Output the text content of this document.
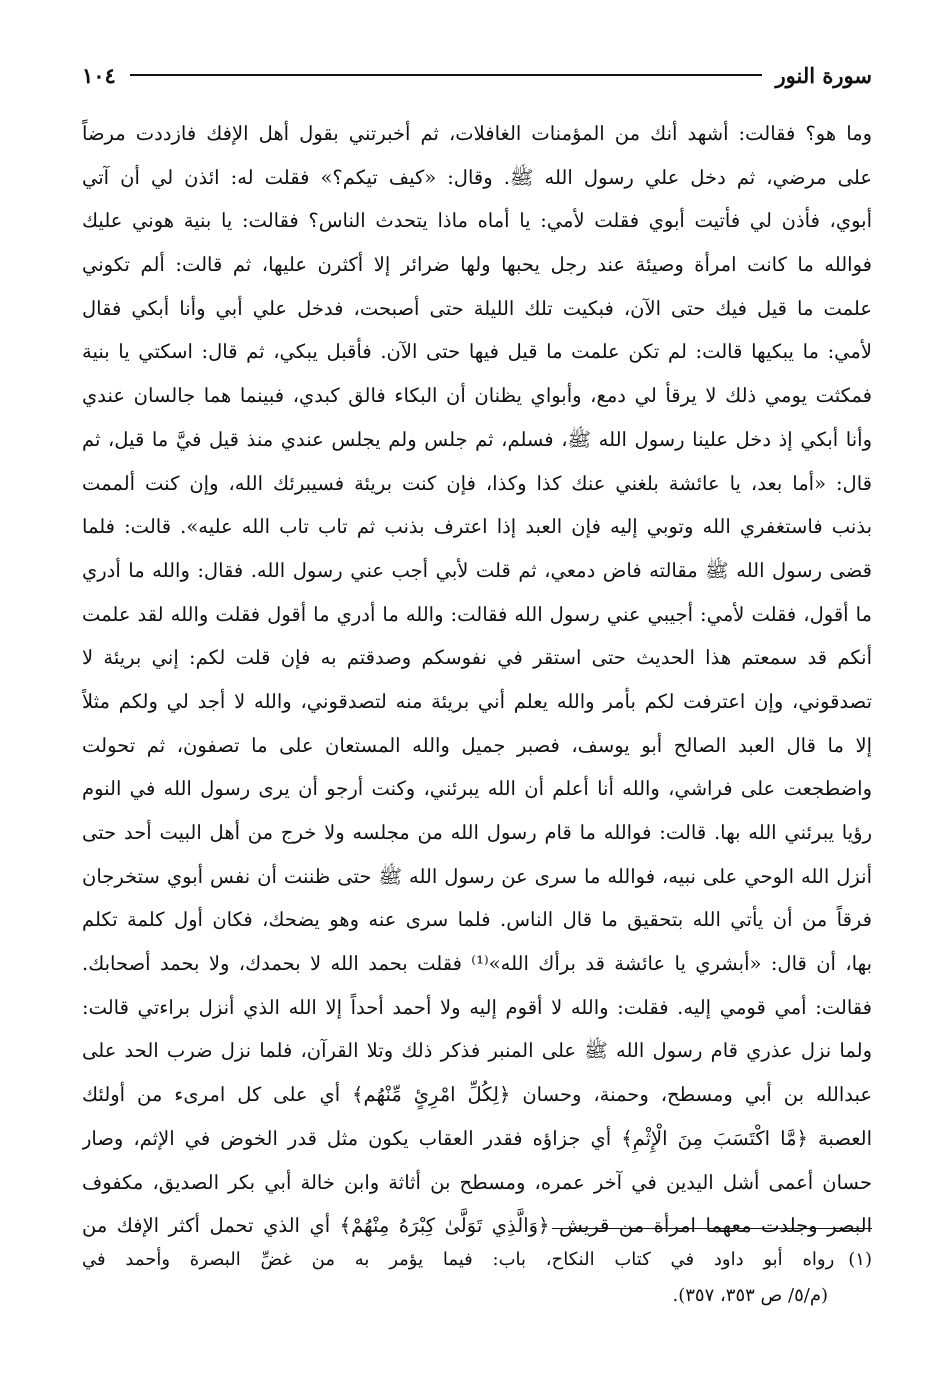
سورة النور
١٠٤
وما هو؟ فقالت: أشهد أنك من المؤمنات الغافلات، ثم أخبرتني بقول أهل الإفك فازددت مرضاً
على مرضي، ثم دخل علي رسول الله ﷺ. وقال: «كيف تيكم؟» فقلت له: ائذن لي أن آتي
أبوي، فأذن لي فأتيت أبوي فقلت لأمي: يا أماه ماذا يتحدث الناس؟ فقالت: يا بنية هوني عليك
فوالله ما كانت امرأة وصيئة عند رجل يحبها ولها ضرائر إلا أكثرن عليها، ثم قالت: ألم تكوني
علمت ما قيل فيك حتى الآن، فبكيت تلك الليلة حتى أصبحت، فدخل علي أبي وأنا أبكي فقال
لأمي: ما يبكيها قالت: لم تكن علمت ما قيل فيها حتى الآن. فأقبل يبكي، ثم قال: اسكتي يا بنية
فمكثت يومي ذلك لا يرقأ لي دمع، وأبواي يظنان أن البكاء فالق كبدي، فبينما هما جالسان عندي
وأنا أبكي إذ دخل علينا رسول الله ﷺ، فسلم، ثم جلس ولم يجلس عندي منذ قيل فيَّ ما قيل، ثم
قال: «أما بعد، يا عائشة بلغني عنك كذا وكذا، فإن كنت بريئة فسيبرئك الله، وإن كنت ألممت
بذنب فاستغفري الله وتوبي إليه فإن العبد إذا اعترف بذنب ثم تاب تاب الله عليه». قالت: فلما
قضى رسول الله ﷺ مقالته فاض دمعي، ثم قلت لأبي أجب عني رسول الله. فقال: والله ما أدري
ما أقول، فقلت لأمي: أجيبي عني رسول الله فقالت: والله ما أدري ما أقول فقلت والله لقد علمت
أنكم قد سمعتم هذا الحديث حتى استقر في نفوسكم وصدقتم به فإن قلت لكم: إني بريئة لا
تصدقوني، وإن اعترفت لكم بأمر والله يعلم أني بريئة منه لتصدقوني، والله لا أجد لي ولكم مثلاً
إلا ما قال العبد الصالح أبو يوسف، فصبر جميل والله المستعان على ما تصفون، ثم تحولت
واضطجعت على فراشي، والله أنا أعلم أن الله يبرئني، وكنت أرجو أن يرى رسول الله في النوم
رؤيا يبرئني الله بها. قالت: فوالله ما قام رسول الله من مجلسه ولا خرج من أهل البيت أحد حتى
أنزل الله الوحي على نبيه، فوالله ما سرى عن رسول الله ﷺ حتى ظننت أن نفس أبوي ستخرجان
فرقاً من أن يأتي الله بتحقيق ما قال الناس. فلما سرى عنه وهو يضحك، فكان أول كلمة تكلم
بها، أن قال: «أبشري يا عائشة قد برأك الله»⁽¹⁾ فقلت بحمد الله لا بحمدك، ولا بحمد أصحابك.
فقالت: أمي قومي إليه. فقلت: والله لا أقوم إليه ولا أحمد أحداً إلا الله الذي أنزل براءتي قالت:
ولما نزل عذري قام رسول الله ﷺ على المنبر فذكر ذلك وتلا القرآن، فلما نزل ضرب الحد على
عبدالله بن أبي ومسطح، وحمنة، وحسان ﴿لِكُلِّ امْرِئٍ مِّنْهُم﴾ أي على كل امرىء من أولئك
العصبة ﴿مَّا اكْتَسَبَ مِنَ الْإِثْمِ﴾ أي جزاؤه فقدر العقاب يكون مثل قدر الخوض في الإثم، وصار
حسان أعمى أشل اليدين في آخر عمره، ومسطح بن أثاثة وابن خالة أبي بكر الصديق، مكفوف
البصر وجلدت معهما امرأة من قريش ﴿وَالَّذِي تَوَلَّىٰ كِبْرَهُ مِنْهُمْ﴾ أي الذي تحمل أكثر الإفك من
(١)رواه أبو داود في كتاب النكاح، باب: فيما يؤمر به من غضِّ البصرة وأحمد في
(م/٥/ ص ٣٥٣، ٣٥٧).
